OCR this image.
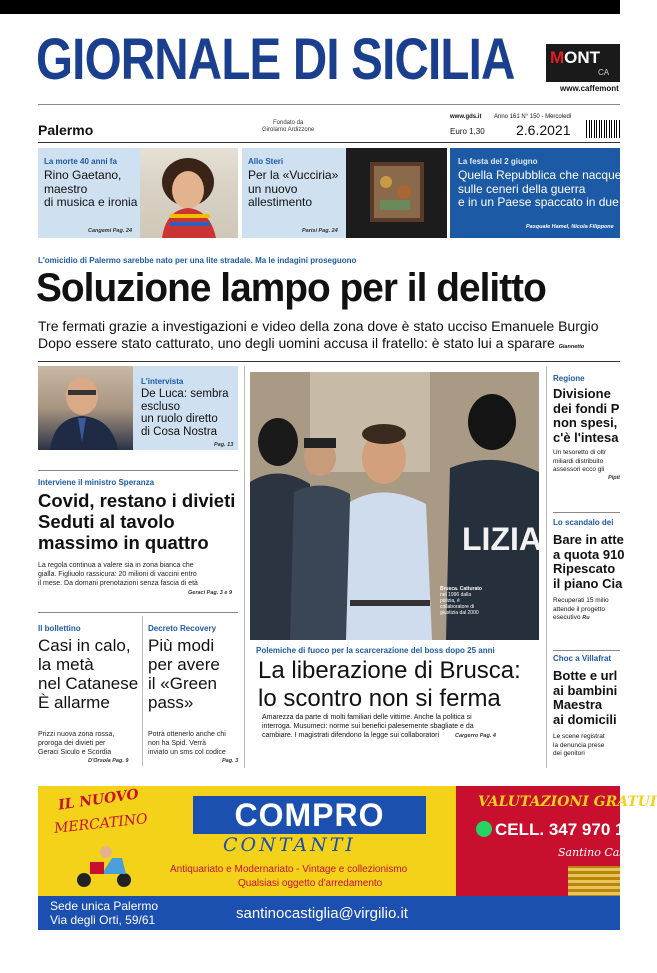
GIORNALE DI SICILIA MONT
CA
www.caffemont
Palermo	Fondato da
Girolamo Ardizzone
www.gds.it Anno 161 N° 150 - Mercoledì
Euro 1,30 2.6.2021
La morte 40 anni fa
Rino Gaetano,
maestro
di musica e ironia
Cangemi Pag. 24
Allo Steri
Per la «Vucciria»
un nuovo
allestimento
Parisi Pag. 24
La festa del 2 giugno
Quella Repubblica che nacque
sulle ceneri della guerra
e in un Paese spaccato in due
Pasquale Hamel, Nicola Filippone
L'omicidio di Palermo sarebbe nato per una lite stradale. Ma le indagini proseguono
Soluzione lampo per il delitto
Tre fermati grazie a investigazioni e video della zona dove è stato ucciso Emanuele Burgio
Dopo essere stato catturato, uno degli uomini accusa il fratello: è stato lui a sparare Giannetto
L'intervista
De Luca: sembra
escluso
un ruolo diretto
di Cosa Nostra
Pag. 13
Interviene il ministro Speranza
Covid, restano i divieti
Seduti al tavolo
massimo in quattro
La regola continua a valere sia in zona bianca che
gialla. Figliuolo rassicura: 20 milioni di vaccini entro
il mese. Da domani prenotazioni senza fascia di età
Geraci Pag. 3 e 9
Il bollettino
Casi in calo,
la metà
nel Catanese
È allarme
Prizzi nuova zona rossa,
proroga dei divieti per
Geraci Siculo e Scordia
D'Orsola Pag. 9
Decreto Recovery
Più modi
per avere
il «Green
pass»
Potrà ottenerlo anche chi
non ha Spid. Verrà
inviato un sms col codice
Pag. 3
LIZIA
Brusca. Catturato
nel 1996 dalla
polizia, è
collaboratore di
giustizia dal 2000
Polemiche di fuoco per la scarcerazione del boss dopo 25 anni
La liberazione di Brusca:
lo scontro non si ferma
Amarezza da parte di molti familiari delle vittime. Anche la politica si
interroga. Musumeci: norme sui benefici palesemente sbagliate e da
cambiare. I magistrati difendono la legge sui collaboratori	Cargerro Pag. 4
Regione
Divisione
dei fondi P
non spesi,
c'è l'intesa
Un tesoretto di oltr
miliardi distribuito
assessori ecco gli
Pipit
Lo scandalo dei
Bare in atte
a quota 910
Ripescato
il piano Cia
Recuperati 15 milio
attende il progetto
esecutivo Ru
Choc a Villafrat
Botte e url
ai bambini
Maestra
ai domicili
Le scene registrat
la denuncia prese
dei genitori
IL NUOVO
MERCATINO	COMPRO
CONTANTI
Antiquariato e Modernariato - Vintage e collezionismo
Qualsiasi oggetto d'arredamento
VALUTAZIONI GRATUI
CELL. 347 970 10
Santino Cas
Sede unica Palermo
Via degli Orti, 59/61	santinocastiglia@virgilio.it
